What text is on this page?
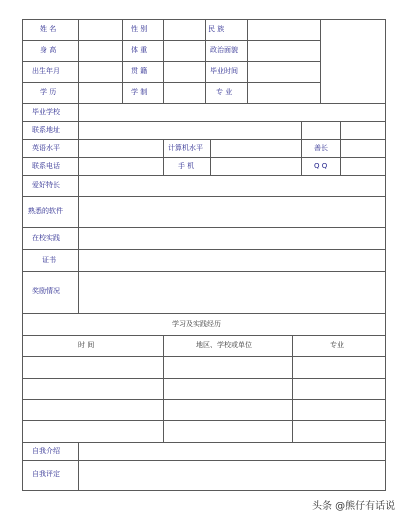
姓 名	性 别	民 族
身 高	体 重	政治面貌
出生年月	贯 籍	毕业时间
学 历	学 制	专 业
毕业学校
联系地址
英语水平	计算机水平	善长
联系电话	手 机	Q Q
爱好特长
熟悉的软件
在校实践
证书
奖励情况
学习及实践经历
时 间	地区、学校或单位	专业
自我介绍
自我评定
头条 @熊仔有话说
